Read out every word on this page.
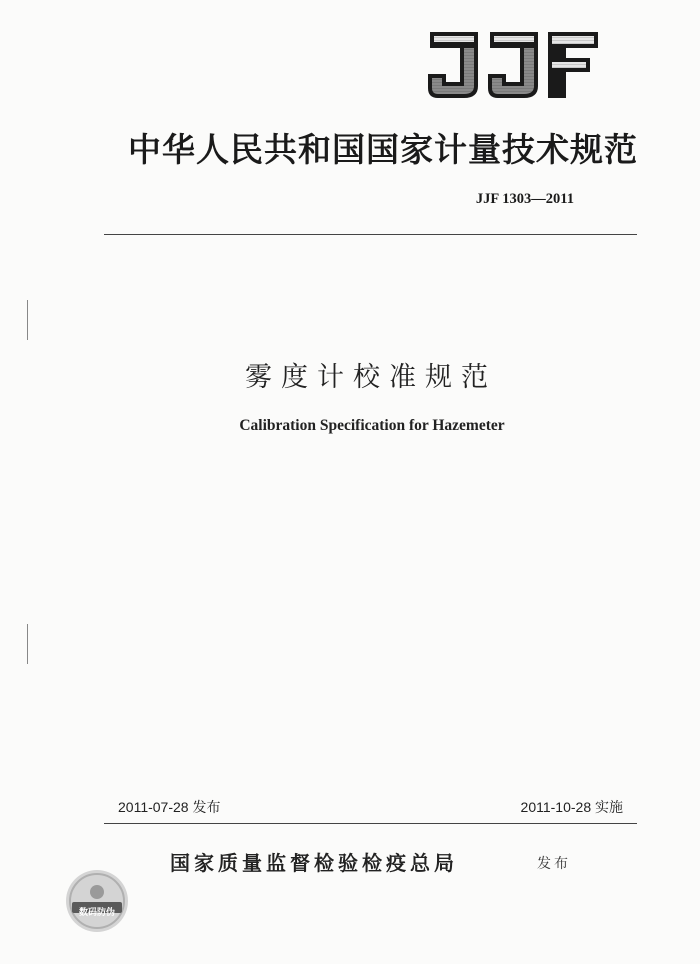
中华人民共和国国家计量技术规范
JJF 1303—2011
雾度计校准规范
Calibration Specification for Hazemeter
2011-07-28 发布	2011-10-28 实施
国家质量监督检验检疫总局	发布
数码防伪
